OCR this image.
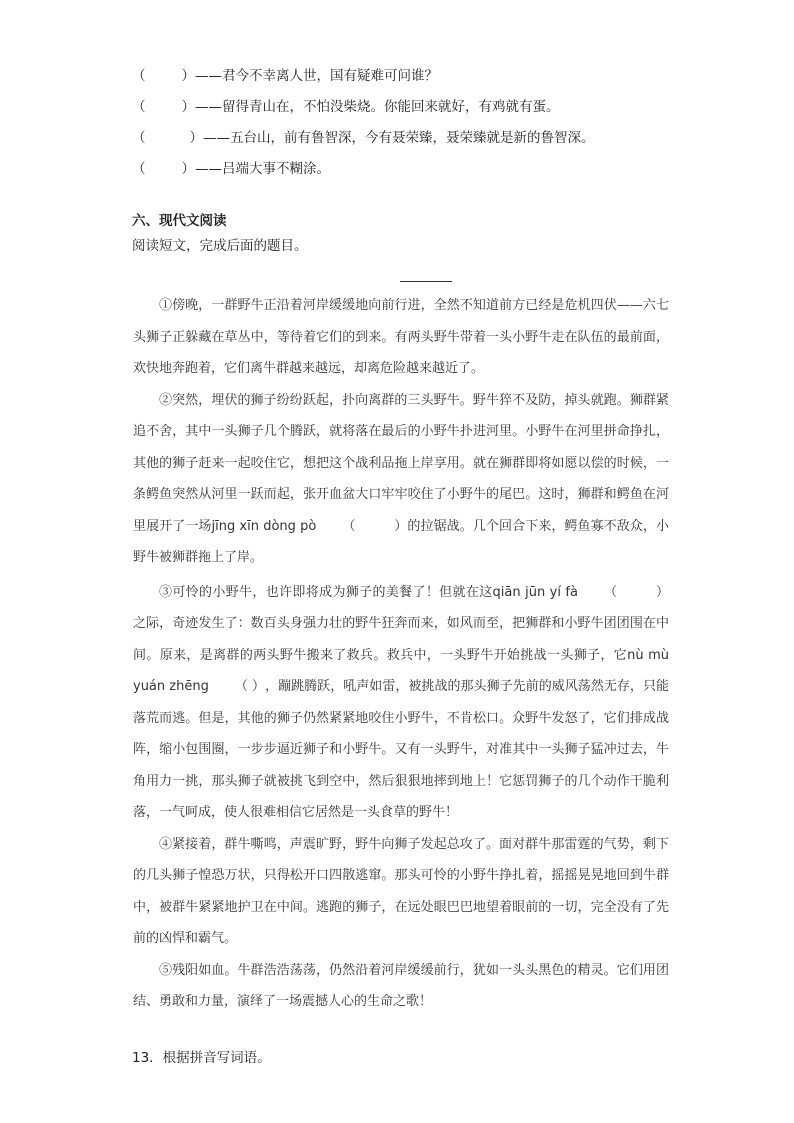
（	）——君今不幸离人世，国有疑难可问谁？
（	）——留得青山在，不怕没柴烧。你能回来就好，有鸡就有蛋。
（	）——五台山，前有鲁智深，今有聂荣臻，聂荣臻就是新的鲁智深。
（	）——吕端大事不糊涂。
六、现代文阅读
阅读短文，完成后面的题目。

①傍晚，一群野牛正沿着河岸缓缓地向前行进，全然不知道前方已经是危机四伏——六七头狮子正躲藏在草丛中，等待着它们的到来。有两头野牛带着一头小野牛走在队伍的最前面，欢快地奔跑着，它们离牛群越来越远，却离危险越来越近了。

②突然，埋伏的狮子纷纷跃起，扑向离群的三头野牛。野牛猝不及防，掉头就跑。狮群紧追不舍，其中一头狮子几个腾跃，就将落在最后的小野牛扑进河里。小野牛在河里拼命挣扎，其他的狮子赶来一起咬住它，想把这个战利品拖上岸享用。就在狮群即将如愿以偿的时候，一条鳄鱼突然从河里一跃而起，张开血盆大口牢牢咬住了小野牛的尾巴。这时，狮群和鳄鱼在河里展开了一场jīng xīn dòng pò （　　　）的拉锯战。几个回合下来，鳄鱼寡不敌众，小野牛被狮群拖上了岸。

③可怜的小野牛，也许即将成为狮子的美餐了！但就在这qiān jūn yí fà （　　　）之际，奇迹发生了：数百头身强力壮的野牛狂奔而来，如风而至，把狮群和小野牛团团围在中间。原来，是离群的两头野牛搬来了救兵。救兵中，一头野牛开始挑战一头狮子，它nù mù yuán zhēng （ ），蹦跳腾跃，吼声如雷，被挑战的那头狮子先前的威风荡然无存，只能落荒而逃。但是，其他的狮子仍然紧紧地咬住小野牛，不肯松口。众野牛发怒了，它们排成战阵，缩小包围圈，一步步逼近狮子和小野牛。又有一头野牛，对准其中一头狮子猛冲过去，牛角用力一挑，那头狮子就被挑飞到空中，然后狠狠地摔到地上！它惩罚狮子的几个动作干脆利落，一气呵成，使人很难相信它居然是一头食草的野牛！

④紧接着，群牛嘶鸣，声震旷野，野牛向狮子发起总攻了。面对群牛那雷霆的气势，剩下的几头狮子惶恐万状，只得松开口四散逃窜。那头可怜的小野牛挣扎着，摇摇晃晃地回到牛群中，被群牛紧紧地护卫在中间。逃跑的狮子，在远处眼巴巴地望着眼前的一切，完全没有了先前的凶悍和霸气。

⑤残阳如血。牛群浩浩荡荡，仍然沿着河岸缓缓前行，犹如一头头黑色的精灵。它们用团结、勇敢和力量，演绎了一场震撼人心的生命之歌！

13．根据拼音写词语。
